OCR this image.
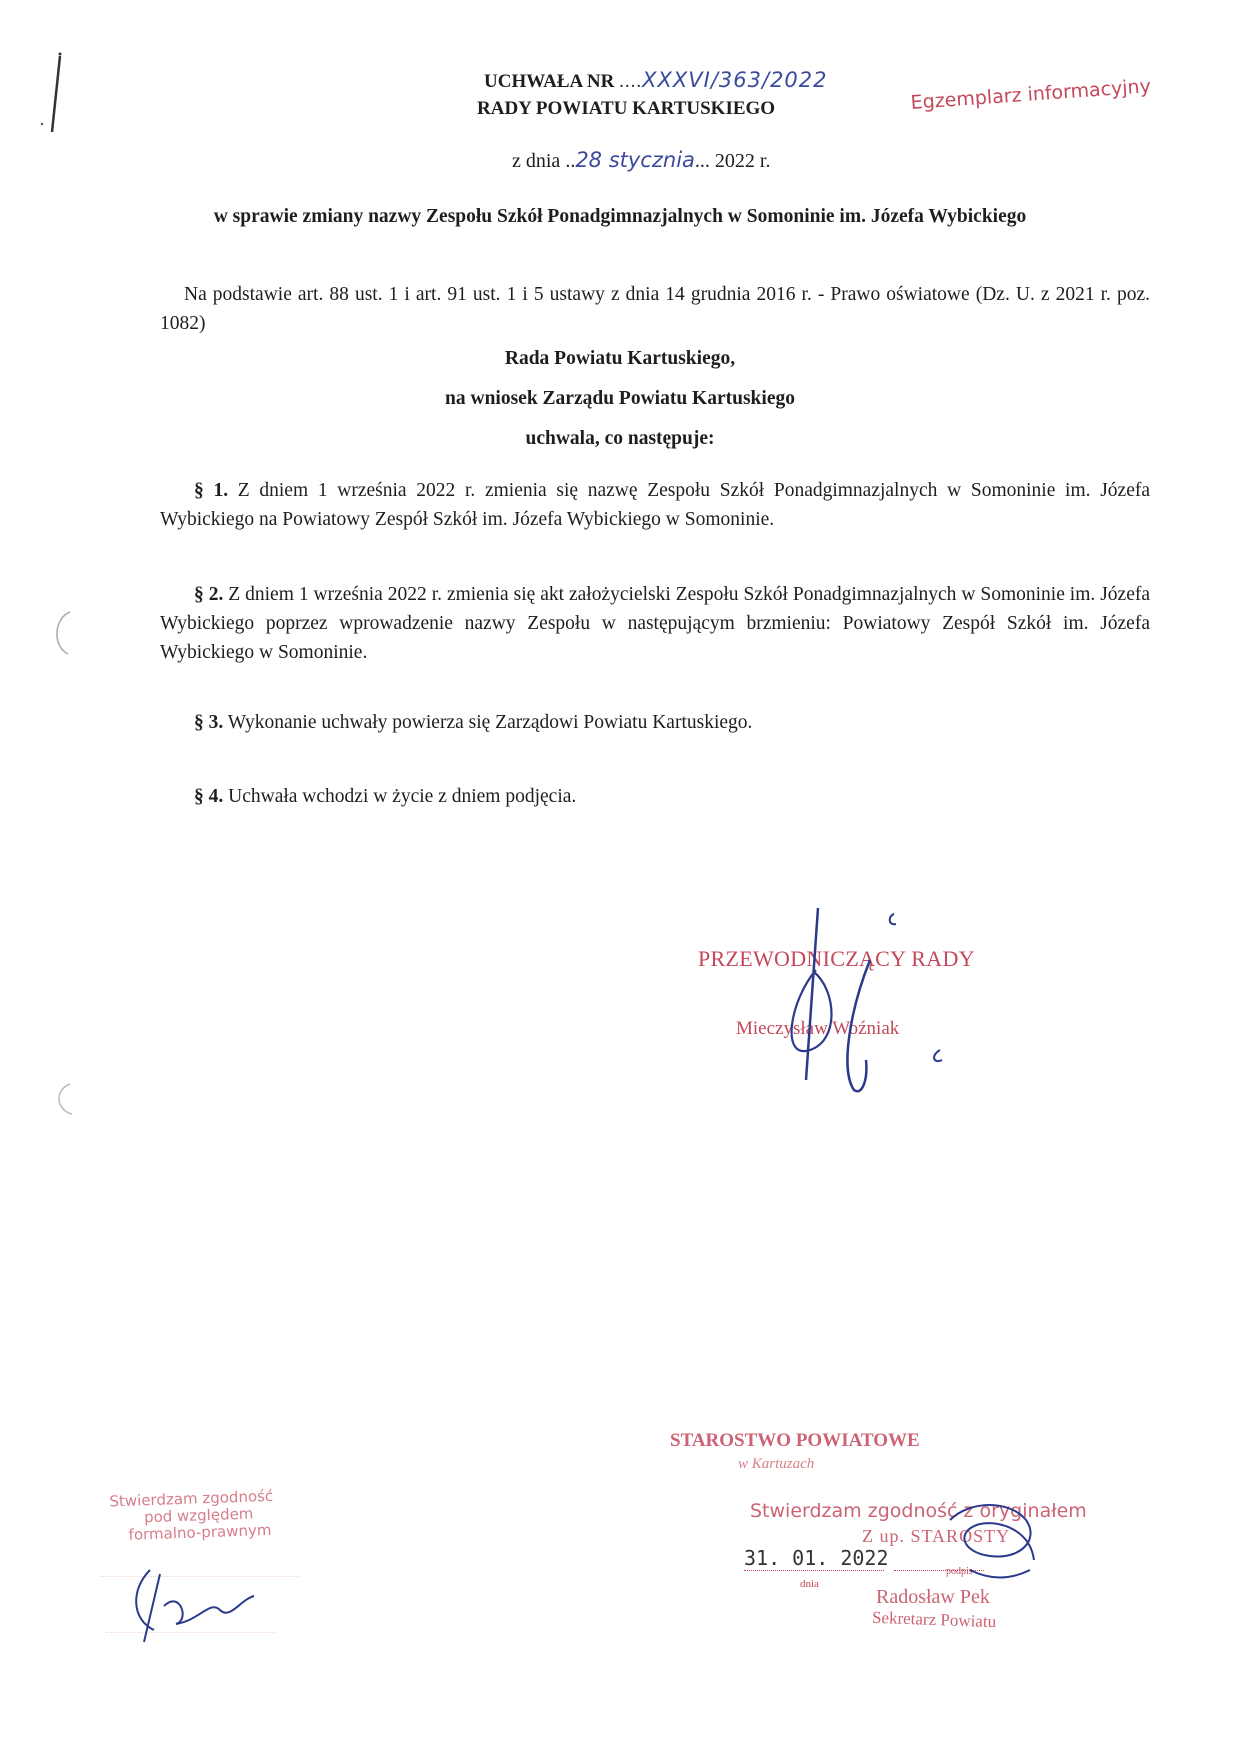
UCHWAŁA NR ....XXXVI/363/2022
RADY POWIATU KARTUSKIEGO	Egzemplarz informacyjny
z dnia ..28 stycznia... 2022 r.
w sprawie zmiany nazwy Zespołu Szkół Ponadgimnazjalnych w Somoninie im. Józefa Wybickiego
Na podstawie art. 88 ust. 1 i art. 91 ust. 1 i 5 ustawy z dnia 14 grudnia 2016 r. - Prawo oświatowe (Dz. U. z 2021 r. poz. 1082)
Rada Powiatu Kartuskiego,
na wniosek Zarządu Powiatu Kartuskiego
uchwala, co następuje:
§ 1. Z dniem 1 września 2022 r. zmienia się nazwę Zespołu Szkół Ponadgimnazjalnych w Somoninie im. Józefa Wybickiego na Powiatowy Zespół Szkół im. Józefa Wybickiego w Somoninie.
§ 2. Z dniem 1 września 2022 r. zmienia się akt założycielski Zespołu Szkół Ponadgimnazjalnych w Somoninie im. Józefa Wybickiego poprzez wprowadzenie nazwy Zespołu w następującym brzmieniu: Powiatowy Zespół Szkół im. Józefa Wybickiego w Somoninie.
§ 3. Wykonanie uchwały powierza się Zarządowi Powiatu Kartuskiego.
§ 4. Uchwała wchodzi w życie z dniem podjęcia.
PRZEWODNICZĄCY RADY
Mieczysław Woźniak
Stwierdzam zgodność
pod względem
formalno-prawnym
STAROSTWO POWIATOWE
w Kartuzach
Stwierdzam zgodność z oryginałem
Z up. STAROSTY
31. 01. 2022
dnia
podpis
Radosław Pek
Sekretarz Powiatu
